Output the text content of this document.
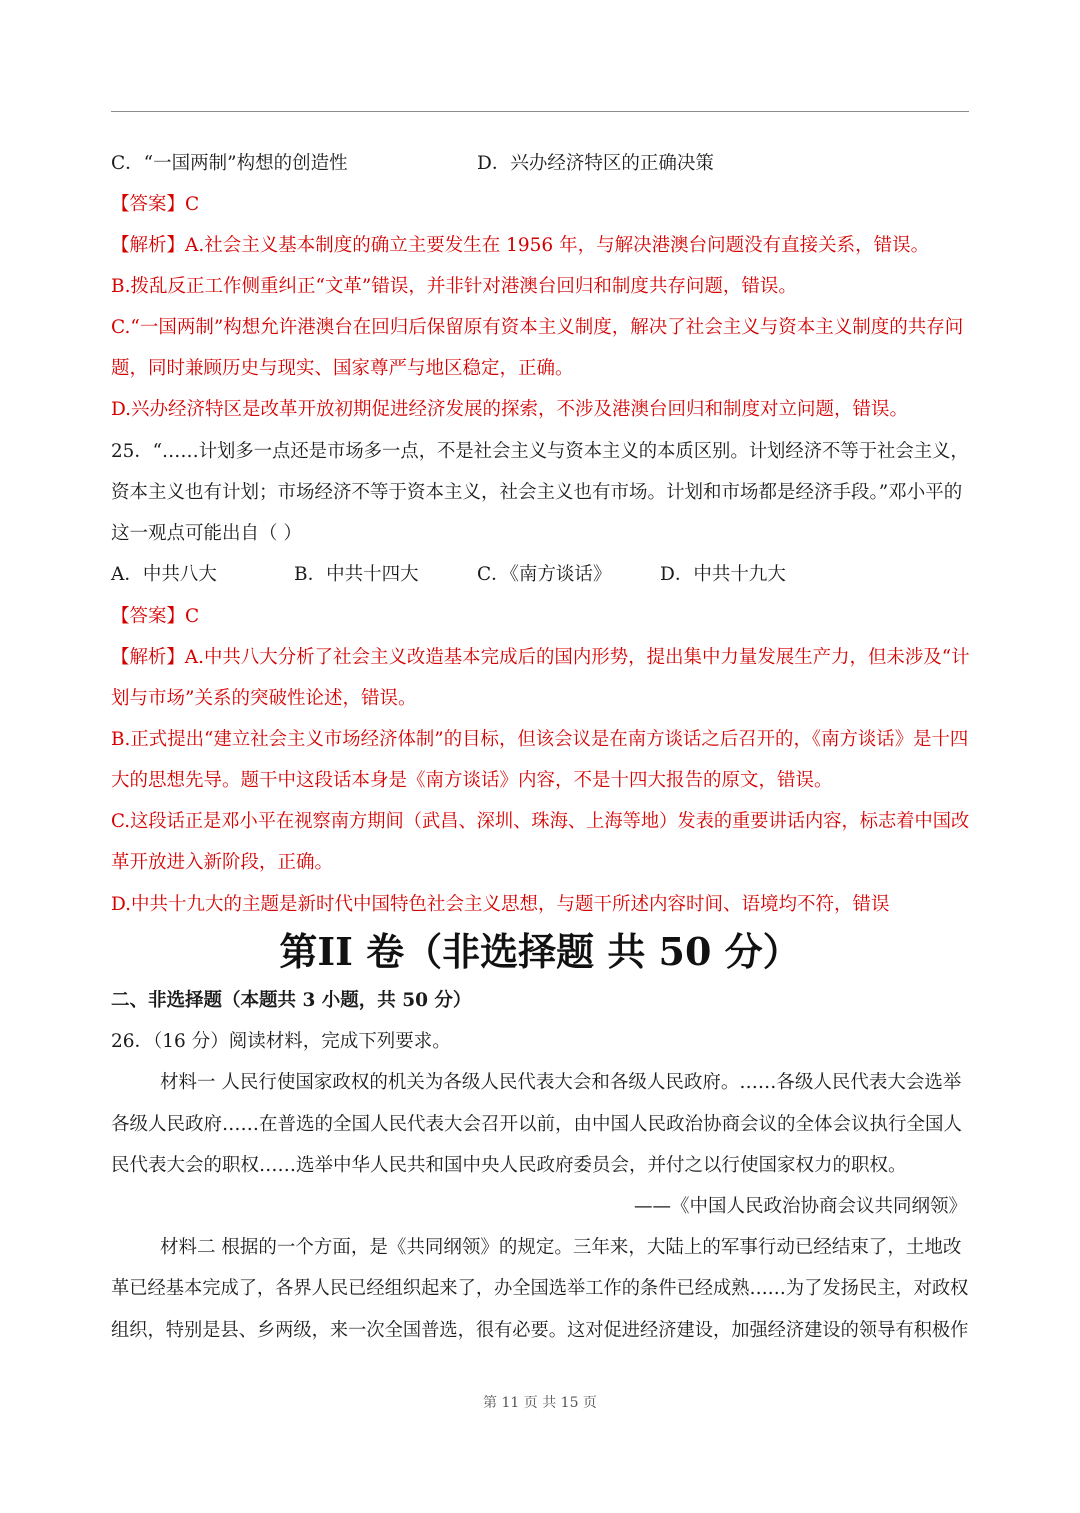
C．“一国两制”构想的创造性	D．兴办经济特区的正确决策
【答案】C
【解析】A.社会主义基本制度的确立主要发生在 1956 年，与解决港澳台问题没有直接关系，错误。
B.拨乱反正工作侧重纠正“文革”错误，并非针对港澳台回归和制度共存问题，错误。
C.“一国两制”构想允许港澳台在回归后保留原有资本主义制度，解决了社会主义与资本主义制度的共存问
题，同时兼顾历史与现实、国家尊严与地区稳定，正确。
D.兴办经济特区是改革开放初期促进经济发展的探索，不涉及港澳台回归和制度对立问题，错误。
25．“……计划多一点还是市场多一点，不是社会主义与资本主义的本质区别。计划经济不等于社会主义，
资本主义也有计划；市场经济不等于资本主义，社会主义也有市场。计划和市场都是经济手段。”邓小平的
这一观点可能出自（ ）
A．中共八大	B．中共十四大	C．《南方谈话》	D．中共十九大
【答案】C
【解析】A.中共八大分析了社会主义改造基本完成后的国内形势，提出集中力量发展生产力，但未涉及“计
划与市场”关系的突破性论述，错误。
B.正式提出“建立社会主义市场经济体制”的目标，但该会议是在南方谈话之后召开的，《南方谈话》是十四
大的思想先导。题干中这段话本身是《南方谈话》内容，不是十四大报告的原文，错误。
C.这段话正是邓小平在视察南方期间（武昌、深圳、珠海、上海等地）发表的重要讲话内容，标志着中国改
革开放进入新阶段，正确。
D.中共十九大的主题是新时代中国特色社会主义思想，与题干所述内容时间、语境均不符，错误
第II 卷（非选择题 共 50 分）
二、非选择题（本题共 3 小题，共 50 分）
26．（16 分）阅读材料，完成下列要求。
材料一 人民行使国家政权的机关为各级人民代表大会和各级人民政府。……各级人民代表大会选举
各级人民政府……在普选的全国人民代表大会召开以前，由中国人民政治协商会议的全体会议执行全国人
民代表大会的职权……选举中华人民共和国中央人民政府委员会，并付之以行使国家权力的职权。
——《中国人民政治协商会议共同纲领》
材料二 根据的一个方面，是《共同纲领》的规定。三年来，大陆上的军事行动已经结束了，土地改
革已经基本完成了，各界人民已经组织起来了，办全国选举工作的条件已经成熟……为了发扬民主，对政权
组织，特别是县、乡两级，来一次全国普选，很有必要。这对促进经济建设，加强经济建设的领导有积极作
第 11 页 共 15 页
